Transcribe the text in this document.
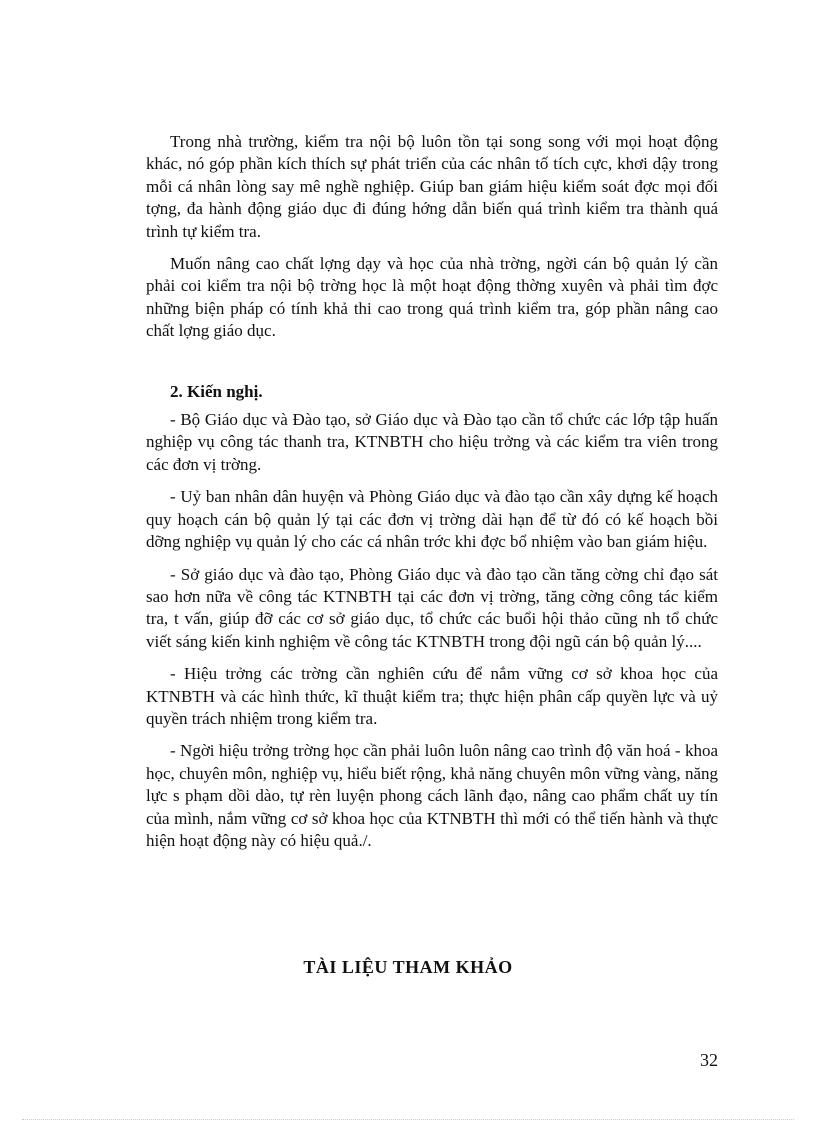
Trong nhà trường, kiểm tra nội bộ luôn tồn tại song song với mọi hoạt động khác, nó góp phần kích thích sự phát triển của các nhân tố tích cực, khơi dậy trong mỗi cá nhân lòng say mê nghề nghiệp. Giúp ban giám hiệu kiểm soát đợc mọi đối tợng, đa hành động giáo dục đi đúng hớng dẫn biến quá trình kiểm tra thành quá trình tự kiểm tra.

Muốn nâng cao chất lợng dạy và học của nhà trờng, ngời cán bộ quản lý cần phải coi kiểm tra nội bộ trờng học là một hoạt động thờng xuyên và phải tìm đợc những biện pháp có tính khả thi cao trong quá trình kiểm tra, góp phần nâng cao chất lợng giáo dục.

2. Kiến nghị.

- Bộ Giáo dục và Đào tạo, sở Giáo dục và Đào tạo cần tổ chức các lớp tập huấn nghiệp vụ công tác thanh tra, KTNBTH cho hiệu trởng và các kiểm tra viên trong các đơn vị trờng.

- Uỷ ban nhân dân huyện và Phòng Giáo dục và đào tạo cần xây dựng kế hoạch quy hoạch cán bộ quản lý tại các đơn vị trờng dài hạn để từ đó có kế hoạch bồi dỡng nghiệp vụ quản lý cho các cá nhân trớc khi đợc bổ nhiệm vào ban giám hiệu.

- Sở giáo dục và đào tạo, Phòng Giáo dục và đào tạo cần tăng cờng chỉ đạo sát sao hơn nữa về công tác KTNBTH tại các đơn vị trờng, tăng cờng công tác kiểm tra, t vấn, giúp đỡ các cơ sở giáo dục, tổ chức các buổi hội thảo cũng nh tổ chức viết sáng kiến kinh nghiệm về công tác KTNBTH trong đội ngũ cán bộ quản lý....

- Hiệu trởng các trờng cần nghiên cứu để nắm vững cơ sở khoa học của KTNBTH và các hình thức, kĩ thuật kiểm tra; thực hiện phân cấp quyền lực và uỷ quyền trách nhiệm trong kiểm tra.

- Ngời hiệu trởng trờng học cần phải luôn luôn nâng cao trình độ văn hoá - khoa học, chuyên môn, nghiệp vụ, hiểu biết rộng, khả năng chuyên môn vững vàng, năng lực s phạm dồi dào, tự rèn luyện phong cách lãnh đạo, nâng cao phẩm chất uy tín của mình, nắm vững cơ sở khoa học của KTNBTH thì mới có thể tiến hành và thực hiện hoạt động này có hiệu quả./.

TÀI LIỆU THAM KHẢO
32
